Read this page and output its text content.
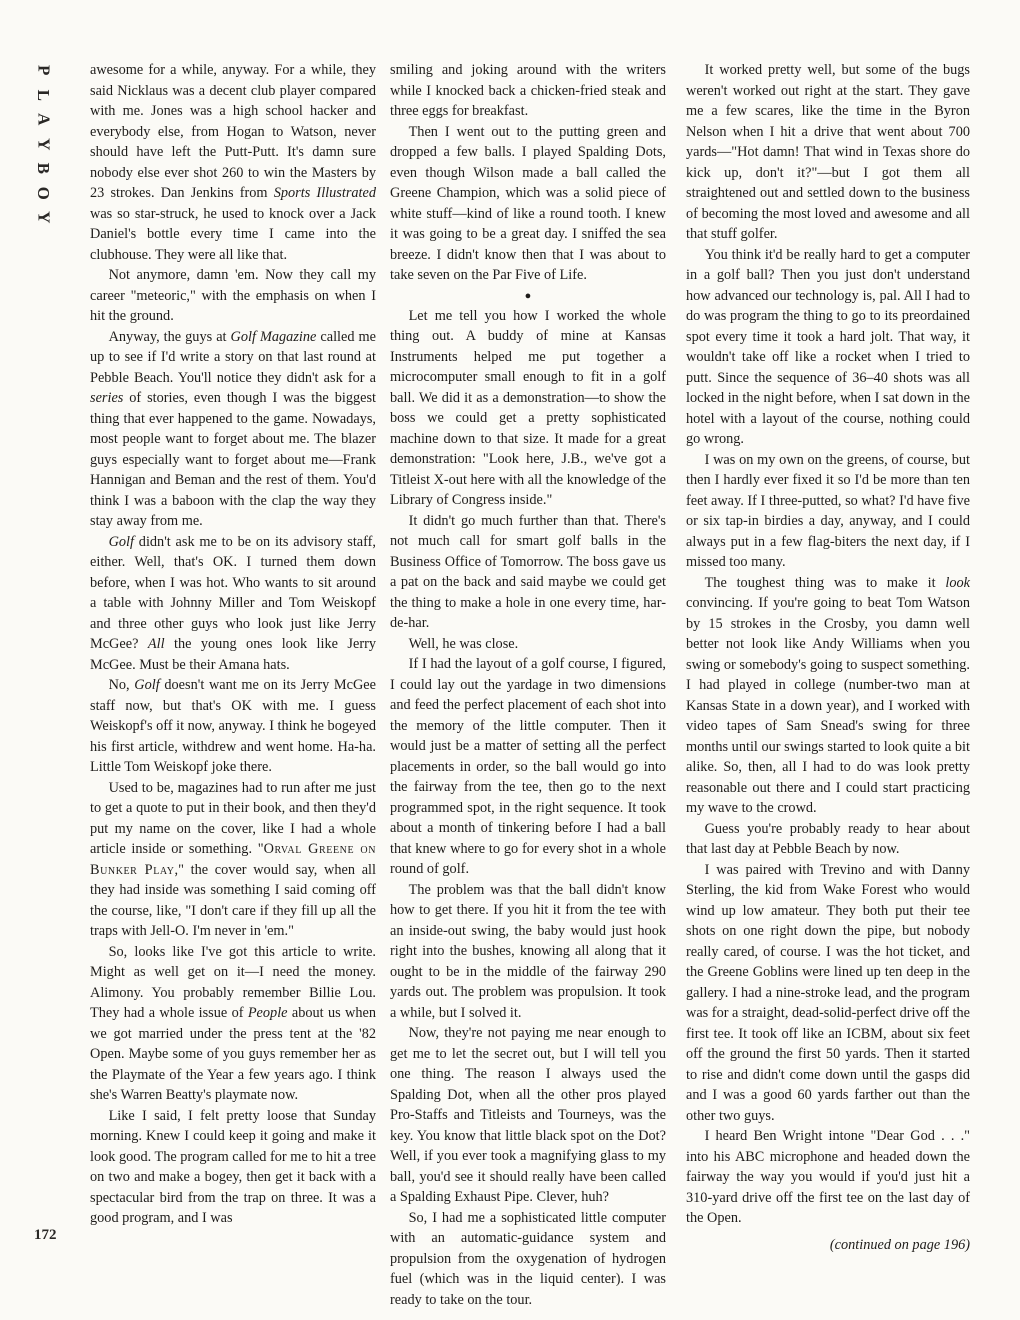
P
L
A
Y
B
O
Y
172

awesome for a while, anyway. For a while, they said Nicklaus was a decent club player compared with me. Jones was a high school hacker and everybody else, from Hogan to Watson, never should have left the Putt-Putt. It's damn sure nobody else ever shot 260 to win the Masters by 23 strokes. Dan Jenkins from Sports Illustrated was so star-struck, he used to knock over a Jack Daniel's bottle every time I came into the clubhouse. They were all like that.

Not anymore, damn 'em. Now they call my career "meteoric," with the emphasis on when I hit the ground.

Anyway, the guys at Golf Magazine called me up to see if I'd write a story on that last round at Pebble Beach. You'll notice they didn't ask for a series of stories, even though I was the biggest thing that ever happened to the game. Nowadays, most people want to forget about me. The blazer guys especially want to forget about me—Frank Hannigan and Beman and the rest of them. You'd think I was a baboon with the clap the way they stay away from me.

Golf didn't ask me to be on its advisory staff, either. Well, that's OK. I turned them down before, when I was hot. Who wants to sit around a table with Johnny Miller and Tom Weiskopf and three other guys who look just like Jerry McGee? All the young ones look like Jerry McGee. Must be their Amana hats.

No, Golf doesn't want me on its Jerry McGee staff now, but that's OK with me. I guess Weiskopf's off it now, anyway. I think he bogeyed his first article, withdrew and went home. Ha-ha. Little Tom Weiskopf joke there.

Used to be, magazines had to run after me just to get a quote to put in their book, and then they'd put my name on the cover, like I had a whole article inside or something. "Orval Greene on Bunker Play," the cover would say, when all they had inside was something I said coming off the course, like, "I don't care if they fill up all the traps with Jell-O. I'm never in 'em."

So, looks like I've got this article to write. Might as well get on it—I need the money. Alimony. You probably remember Billie Lou. They had a whole issue of People about us when we got married under the press tent at the '82 Open. Maybe some of you guys remember her as the Playmate of the Year a few years ago. I think she's Warren Beatty's playmate now.

Like I said, I felt pretty loose that Sunday morning. Knew I could keep it going and make it look good. The program called for me to hit a tree on two and make a bogey, then get it back with a spectacular bird from the trap on three. It was a good program, and I was

smiling and joking around with the writers while I knocked back a chicken-fried steak and three eggs for breakfast.

Then I went out to the putting green and dropped a few balls. I played Spalding Dots, even though Wilson made a ball called the Greene Champion, which was a solid piece of white stuff—kind of like a round tooth. I knew it was going to be a great day. I sniffed the sea breeze. I didn't know then that I was about to take seven on the Par Five of Life.

●

Let me tell you how I worked the whole thing out. A buddy of mine at Kansas Instruments helped me put together a microcomputer small enough to fit in a golf ball. We did it as a demonstration—to show the boss we could get a pretty sophisticated machine down to that size. It made for a great demonstration: "Look here, J.B., we've got a Titleist X-out here with all the knowledge of the Library of Congress inside."

It didn't go much further than that. There's not much call for smart golf balls in the Business Office of Tomorrow. The boss gave us a pat on the back and said maybe we could get the thing to make a hole in one every time, har-de-har.

Well, he was close.

If I had the layout of a golf course, I figured, I could lay out the yardage in two dimensions and feed the perfect placement of each shot into the memory of the little computer. Then it would just be a matter of setting all the perfect placements in order, so the ball would go into the fairway from the tee, then go to the next programmed spot, in the right sequence. It took about a month of tinkering before I had a ball that knew where to go for every shot in a whole round of golf.

The problem was that the ball didn't know how to get there. If you hit it from the tee with an inside-out swing, the baby would just hook right into the bushes, knowing all along that it ought to be in the middle of the fairway 290 yards out. The problem was propulsion. It took a while, but I solved it.

Now, they're not paying me near enough to get me to let the secret out, but I will tell you one thing. The reason I always used the Spalding Dot, when all the other pros played Pro-Staffs and Titleists and Tourneys, was the key. You know that little black spot on the Dot? Well, if you ever took a magnifying glass to my ball, you'd see it should really have been called a Spalding Exhaust Pipe. Clever, huh?

So, I had me a sophisticated little computer with an automatic-guidance system and propulsion from the oxygenation of hydrogen fuel (which was in the liquid center). I was ready to take on the tour.

It worked pretty well, but some of the bugs weren't worked out right at the start. They gave me a few scares, like the time in the Byron Nelson when I hit a drive that went about 700 yards—"Hot damn! That wind in Texas shore do kick up, don't it?"—but I got them all straightened out and settled down to the business of becoming the most loved and awesome and all that stuff golfer.

You think it'd be really hard to get a computer in a golf ball? Then you just don't understand how advanced our technology is, pal. All I had to do was program the thing to go to its preordained spot every time it took a hard jolt. That way, it wouldn't take off like a rocket when I tried to putt. Since the sequence of 36–40 shots was all locked in the night before, when I sat down in the hotel with a layout of the course, nothing could go wrong.

I was on my own on the greens, of course, but then I hardly ever fixed it so I'd be more than ten feet away. If I three-putted, so what? I'd have five or six tap-in birdies a day, anyway, and I could always put in a few flag-biters the next day, if I missed too many.

The toughest thing was to make it look convincing. If you're going to beat Tom Watson by 15 strokes in the Crosby, you damn well better not look like Andy Williams when you swing or somebody's going to suspect something. I had played in college (number-two man at Kansas State in a down year), and I worked with video tapes of Sam Snead's swing for three months until our swings started to look quite a bit alike. So, then, all I had to do was look pretty reasonable out there and I could start practicing my wave to the crowd.

Guess you're probably ready to hear about that last day at Pebble Beach by now.

I was paired with Trevino and with Danny Sterling, the kid from Wake Forest who would wind up low amateur. They both put their tee shots on one right down the pipe, but nobody really cared, of course. I was the hot ticket, and the Greene Goblins were lined up ten deep in the gallery. I had a nine-stroke lead, and the program was for a straight, dead-solid-perfect drive off the first tee. It took off like an ICBM, about six feet off the ground the first 50 yards. Then it started to rise and didn't come down until the gasps did and I was a good 60 yards farther out than the other two guys.

I heard Ben Wright intone "Dear God . . ." into his ABC microphone and headed down the fairway the way you would if you'd just hit a 310-yard drive off the first tee on the last day of the Open.

(continued on page 196)
